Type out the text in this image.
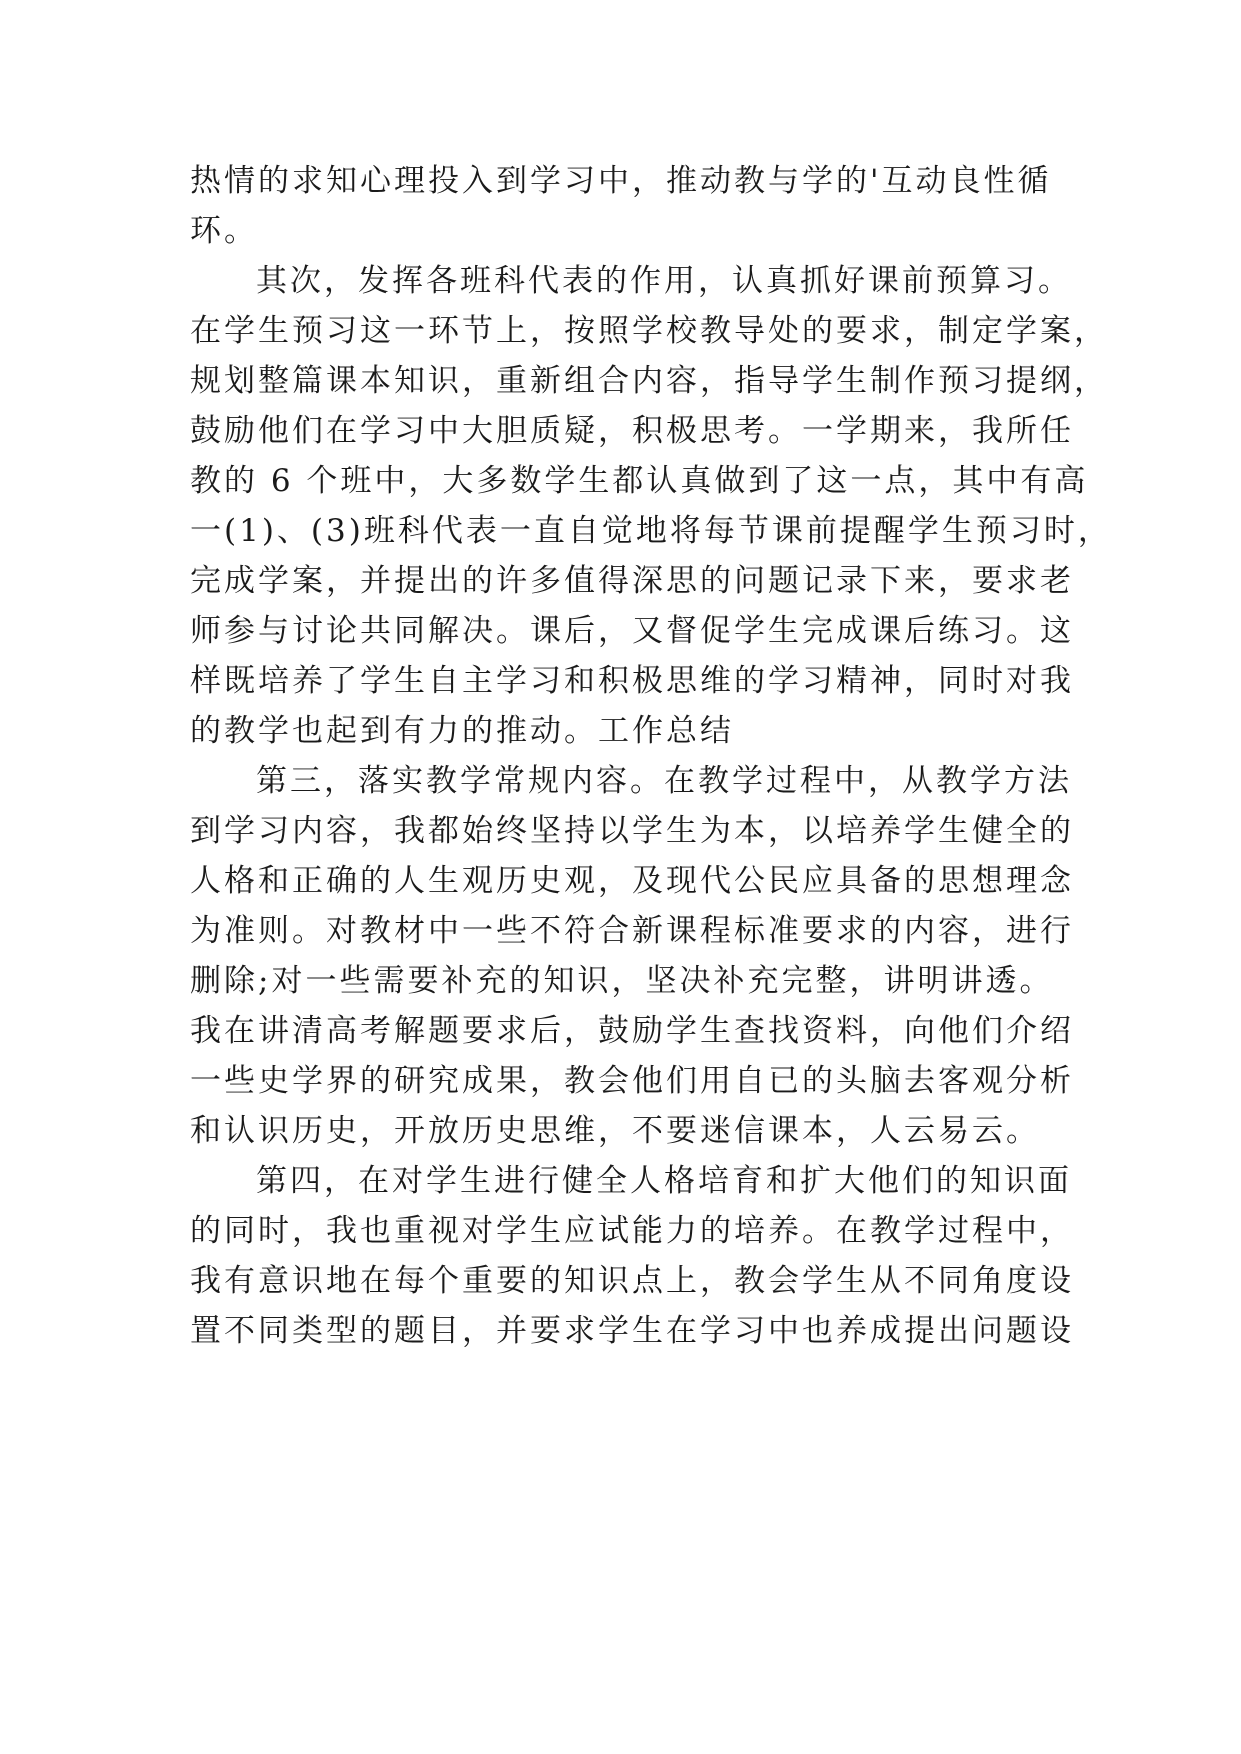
热情的求知心理投入到学习中，推动教与学的'互动良性循
环。
其次，发挥各班科代表的作用，认真抓好课前预算习。
在学生预习这一环节上，按照学校教导处的要求，制定学案，
规划整篇课本知识，重新组合内容，指导学生制作预习提纲，
鼓励他们在学习中大胆质疑，积极思考。一学期来，我所任
教的 6 个班中，大多数学生都认真做到了这一点，其中有高
一(1)、(3)班科代表一直自觉地将每节课前提醒学生预习时，
完成学案，并提出的许多值得深思的问题记录下来，要求老
师参与讨论共同解决。课后，又督促学生完成课后练习。这
样既培养了学生自主学习和积极思维的学习精神，同时对我
的教学也起到有力的推动。工作总结
第三，落实教学常规内容。在教学过程中，从教学方法
到学习内容，我都始终坚持以学生为本，以培养学生健全的
人格和正确的人生观历史观，及现代公民应具备的思想理念
为准则。对教材中一些不符合新课程标准要求的内容，进行
删除;对一些需要补充的知识，坚决补充完整，讲明讲透。
我在讲清高考解题要求后，鼓励学生查找资料，向他们介绍
一些史学界的研究成果，教会他们用自已的头脑去客观分析
和认识历史，开放历史思维，不要迷信课本，人云易云。
第四，在对学生进行健全人格培育和扩大他们的知识面
的同时，我也重视对学生应试能力的培养。在教学过程中，
我有意识地在每个重要的知识点上，教会学生从不同角度设
置不同类型的题目，并要求学生在学习中也养成提出问题设
